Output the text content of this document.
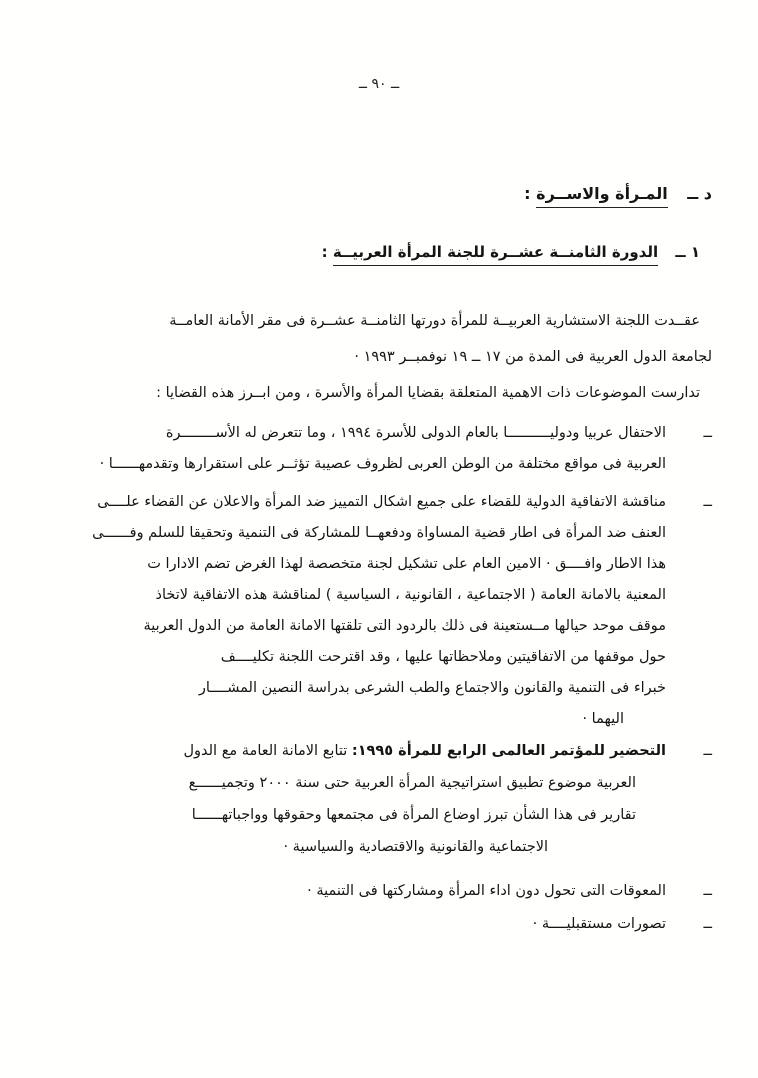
ــ ٩٠ ــ
د ــ المـرأة والاســرة :
١ ــ الدورة الثامنــة عشــرة للجنة المرأة العربيــة :
عقــدت اللجنة الاستشارية العربيــة للمرأة دورتها الثامنــة عشــرة فى مقر الأمانة العامــة
لجامعة الدول العربية فى المدة من ١٧ ــ ١٩ نوفمبــر ١٩٩٣ ·
تدارست الموضوعات ذات الاهمية المتعلقة بقضايا المرأة والأسرة ، ومن ابــرز هذه القضايا :
ــ
الاحتفال عربيا ودوليــــــــــا بالعام الدولى للأسرة ١٩٩٤ ، وما تتعرض له الأســــــــرة
العربية فى مواقع مختلفة من الوطن العربى لظروف عصيبة تؤثــر على استقرارها وتقدمهــــــا ·
ــ
مناقشة الاتفاقية الدولية للقضاء على جميع اشكال التمييز ضد المرأة والاعلان عن القضاء علــــى
العنف ضد المرأة فى اطار قضية المساواة ودفعهــا للمشاركة فى التنمية وتحقيقا للسلم وفــــــى
هذا الاطار وافــــق · الامين العام على تشكيل لجنة متخصصة لهذا الغرض تضم الادارا ت
المعنية بالامانة العامة ( الاجتماعية ، القانونية ، السياسية ) لمناقشة هذه الاتفاقية لاتخاذ
موقف موحد حيالها مــستعينة فى ذلك بالردود التى تلقتها الامانة العامة من الدول العربية
حول موقفها من الاتفاقيتين وملاحظاتها عليها ، وقد اقترحت اللجنة تكليــــف
خبراء فى التنمية والقانون والاجتماع والطب الشرعى بدراسة النصين المشــــار
اليهما ·
ــ
التحضير للمؤتمر العالمى الرابع للمرأة ١٩٩٥: تتابع الامانة العامة مع الدول
العربية موضوع تطبيق استراتيجية المرأة العربية حتى سنة ٢٠٠٠ وتجميــــــع
تقارير فى هذا الشأن تبرز اوضاع المرأة فى مجتمعها وحقوقها وواجباتهــــــا
الاجتماعية والقانونية والاقتصادية والسياسية ·
ــ
المعوقات التى تحول دون اداء المرأة ومشاركتها فى التنمية ·
ــ
تصورات مستقبليــــة ·
